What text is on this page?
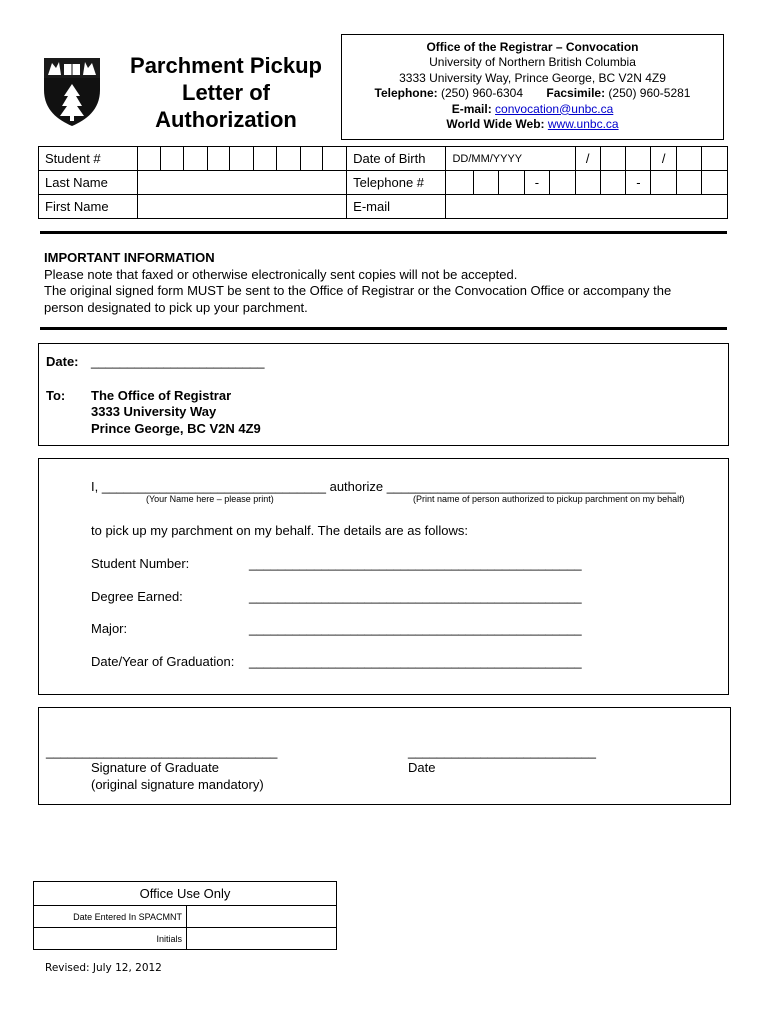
Parchment Pickup
Letter of
Authorization
Office of the Registrar – Convocation
University of Northern British Columbia
3333 University Way, Prince George, BC V2N 4Z9
Telephone: (250) 960-6304 Facsimile: (250) 960-5281
E-mail: convocation@unbc.ca
World Wide Web: www.unbc.ca
Student #										Date of Birth	DD/MM/YYYY					/			/		
Last Name										Telephone #				-				-			
First Name										E-mail											
IMPORTANT INFORMATION
Please note that faxed or otherwise electronically sent copies will not be accepted.
The original signed form MUST be sent to the Office of Registrar or the Convocation Office or accompany the
person designated to pick up your parchment.
Date: ________________________
To: The Office of Registrar
3333 University Way
Prince George, BC V2N 4Z9
I, _______________________________ authorize ________________________________________
(Your Name here – please print)	(Print name of person authorized to pickup parchment on my behalf)
to pick up my parchment on my behalf. The details are as follows:
Student Number:	______________________________________________
Degree Earned:	______________________________________________
Major:	______________________________________________
Date/Year of Graduation: ______________________________________________
________________________________
Signature of Graduate
(original signature mandatory)
__________________________
Date
Office Use Only	
Date Entered In SPACMNT	
Initials	
Revised: July 12, 2012
